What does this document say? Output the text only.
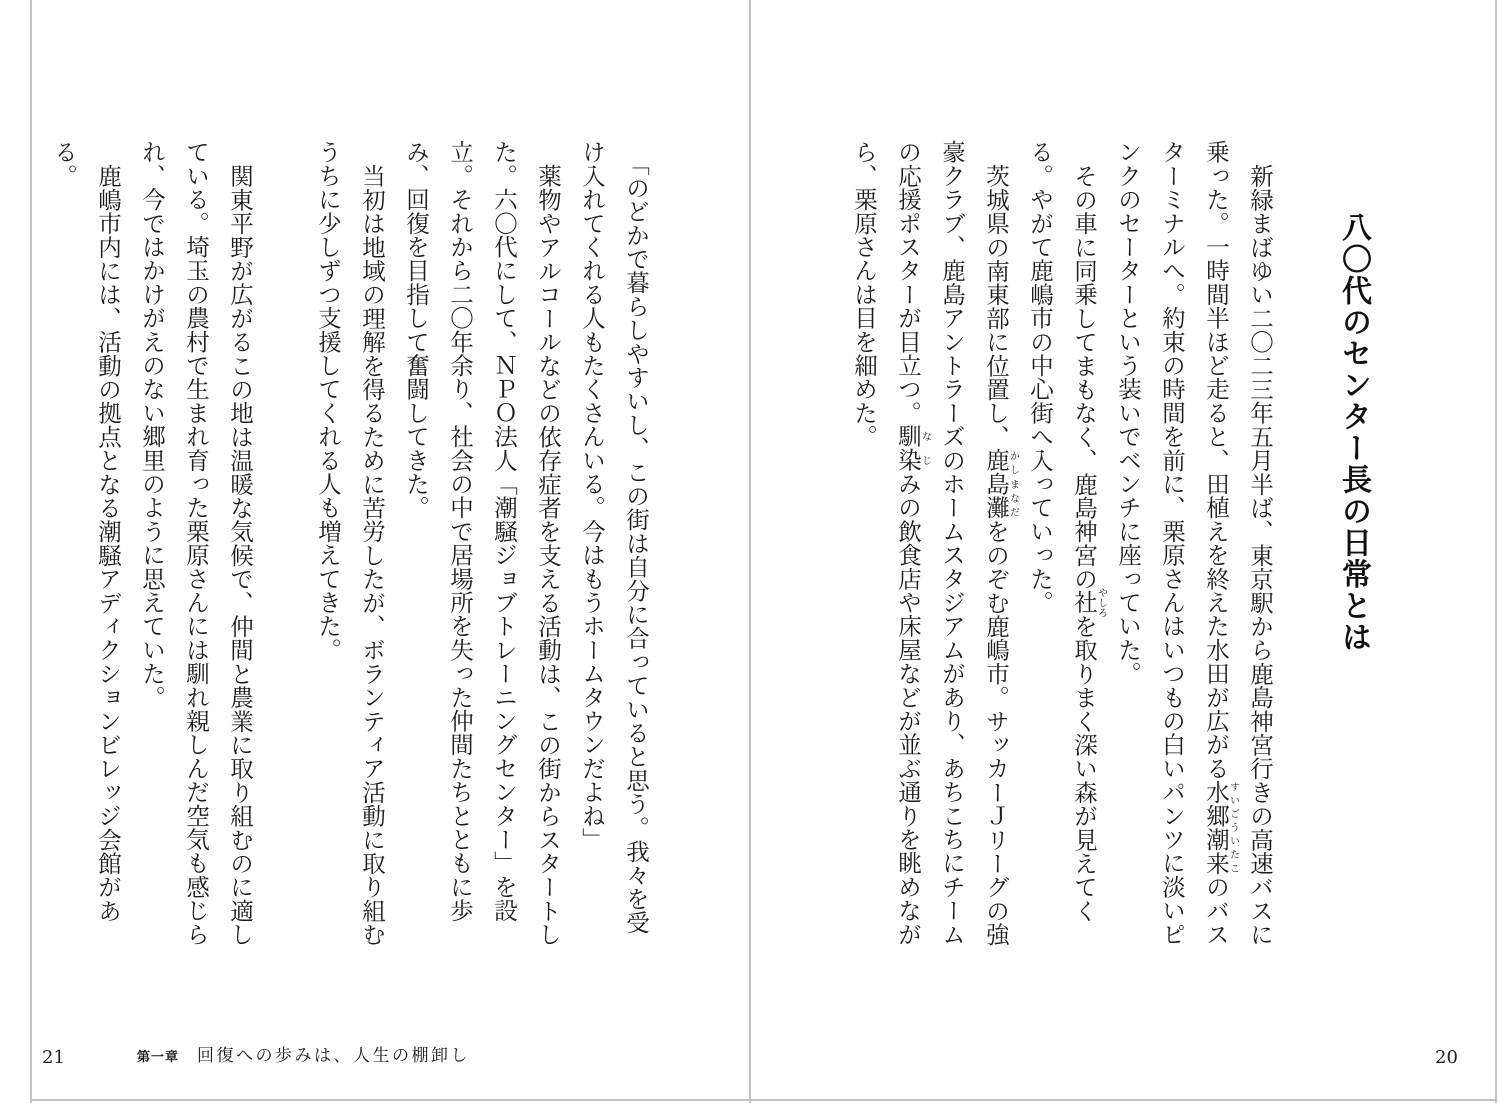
八〇代のセンター長の日常とは

新緑まばゆい二〇二三年五月半ば、東京駅から鹿島神宮行きの高速バスに乗った。一時間半ほど走ると、田植えを終えた水田が広がる水郷潮来すいごういたこのバスターミナルへ。約束の時間を前に、栗原さんはいつもの白いパンツに淡いピンクのセーターという装いでベンチに座っていた。

その車に同乗してまもなく、鹿島神宮の社やしろを取りまく深い森が見えてくる。やがて鹿嶋市の中心街へ入っていった。

茨城県の南東部に位置し、鹿島灘かしまなだをのぞむ鹿嶋市。サッカーＪリーグの強豪クラブ、鹿島アントラーズのホームスタジアムがあり、あちこちにチームの応援ポスターが目立つ。馴染なじみの飲食店や床屋などが並ぶ通りを眺めながら、栗原さんは目を細めた。

20

「のどかで暮らしやすいし、この街は自分に合っていると思う。我々を受け入れてくれる人もたくさんいる。今はもうホームタウンだよね」

薬物やアルコールなどの依存症者を支える活動は、この街からスタートした。六〇代にして、ＮＰＯ法人「潮騒ジョブトレーニングセンター」を設立。それから二〇年余り、社会の中で居場所を失った仲間たちとともに歩み、回復を目指して奮闘してきた。

当初は地域の理解を得るために苦労したが、ボランティア活動に取り組むうちに少しずつ支援してくれる人も増えてきた。

関東平野が広がるこの地は温暖な気候で、仲間と農業に取り組むのに適している。埼玉の農村で生まれ育った栗原さんには馴れ親しんだ空気も感じられ、今ではかけがえのない郷里のように思えていた。

鹿嶋市内には、活動の拠点となる潮騒アディクションビレッジ会館がある。

21	第一章 回復への歩みは、人生の棚卸し
